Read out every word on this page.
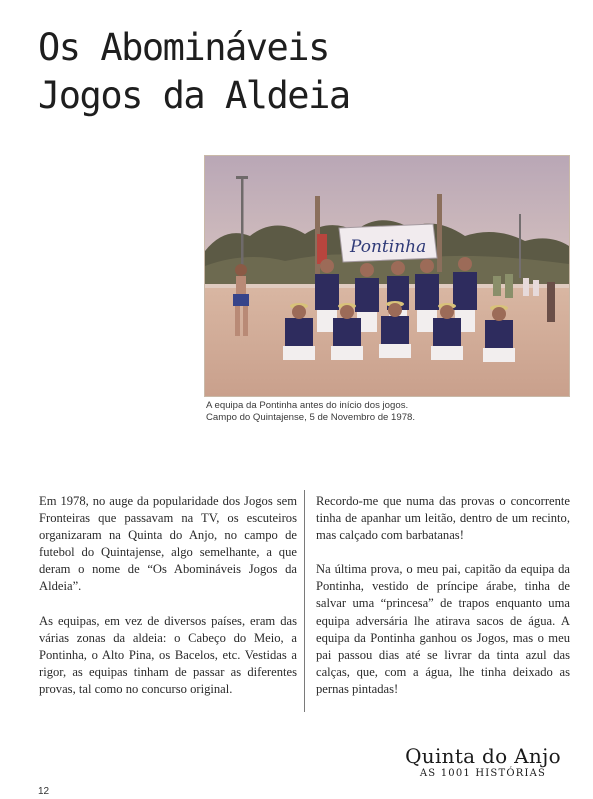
Os Abomináveis
Jogos da Aldeia
Pontinha
A equipa da Pontinha antes do início dos jogos.
Campo do Quintajense, 5 de Novembro de 1978.

Em 1978, no auge da popularidade dos Jogos sem Fronteiras que passavam na TV, os escuteiros organizaram na Quinta do Anjo, no campo de futebol do Quintajense, algo semelhante, a que deram o nome de “Os Abomináveis Jogos da Aldeia”.

As equipas, em vez de diversos países, eram das várias zonas da aldeia: o Cabeço do Meio, a Pontinha, o Alto Pina, os Bacelos, etc. Vestidas a rigor, as equipas tinham de passar as diferentes provas, tal como no concurso original.

Recordo-me que numa das provas o concorrente tinha de apanhar um leitão, dentro de um recinto, mas calçado com barbatanas!

Na última prova, o meu pai, capitão da equipa da Pontinha, vestido de príncipe árabe, tinha de salvar uma “princesa” de trapos enquanto uma equipa adversária lhe atirava sacos de água. A equipa da Pontinha ganhou os Jogos, mas o meu pai passou dias até se livrar da tinta azul das calças, que, com a água, lhe tinha deixado as pernas pintadas!

Quinta do Anjo
AS 1001 HISTÓRIAS
12
